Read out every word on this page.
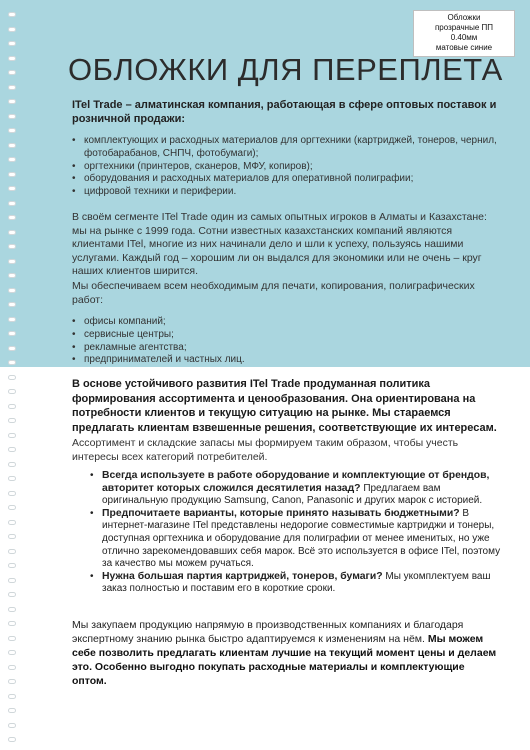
Обложки
прозрачные ПП
0.40мм
матовые синие
ОБЛОЖКИ ДЛЯ ПЕРЕПЛЕТА

ITel Trade – алматинская компания, работающая в сфере оптовых поставок и розничной продажи:

• комплектующих и расходных материалов для оргтехники (картриджей, тонеров, чернил, фотобарабанов, СНПЧ, фотобумаги);
• оргтехники (принтеров, сканеров, МФУ, копиров);
• оборудования и расходных материалов для оперативной полиграфии;
• цифровой техники и периферии.

В своём сегменте ITel Trade один из самых опытных игроков в Алматы и Казахстане: мы на рынке с 1999 года. Сотни известных казахстанских компаний являются клиентами ITel, многие из них начинали дело и шли к успеху, пользуясь нашими услугами. Каждый год – хорошим ли он выдался для экономики или не очень – круг наших клиентов ширится.

Мы обеспечиваем всем необходимым для печати, копирования, полиграфических работ:

• офисы компаний;
• сервисные центры;
• рекламные агентства;
• предпринимателей и частных лиц.

В основе устойчивого развития ITel Trade продуманная политика формирования ассортимента и ценообразования. Она ориентирована на потребности клиентов и текущую ситуацию на рынке. Мы стараемся предлагать клиентам взвешенные решения, соответствующие их интересам.

Ассортимент и складские запасы мы формируем таким образом, чтобы учесть интересы всех категорий потребителей.

• Всегда используете в работе оборудование и комплектующие от брендов, авторитет которых сложился десятилетия назад? Предлагаем вам оригинальную продукцию Samsung, Canon, Panasonic и других марок с историей.
• Предпочитаете варианты, которые принято называть бюджетными? В интернет-магазине ITel представлены недорогие совместимые картриджи и тонеры, доступная оргтехника и оборудование для полиграфии от менее именитых, но уже отлично зарекомендовавших себя марок. Всё это используется в офисе ITel, поэтому за качество мы можем ручаться.
• Нужна большая партия картриджей, тонеров, бумаги? Мы укомплектуем ваш заказ полностью и поставим его в короткие сроки.

Мы закупаем продукцию напрямую в производственных компаниях и благодаря экспертному знанию рынка быстро адаптируемся к изменениям на нём. Мы можем себе позволить предлагать клиентам лучшие на текущий момент цены и делаем это. Особенно выгодно покупать расходные материалы и комплектующие оптом.
